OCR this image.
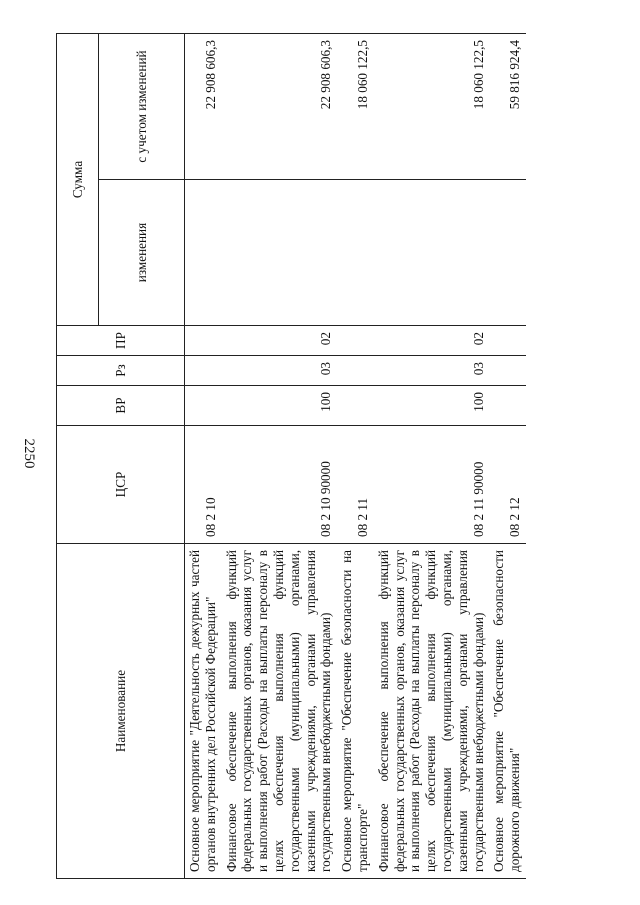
2250
Наименование	ЦСР	ВР	Рз	ПР	Сумма	
					изменения	с учетом изменений
Основное мероприятие "Деятельность дежурных частей органов внутренних дел Российской Федерации"	08 2 10					22 908 606,3
Финансовое обеспечение выполнения функций федеральных государственных органов, оказания услуг и выполнения работ (Расходы на выплаты персоналу в целях обеспечения выполнения функций государственными (муниципальными) органами, казенными учреждениями, органами управления государственными внебюджетными фондами)	08 2 10 90000	100	03	02		22 908 606,3
Основное мероприятие "Обеспечение безопасности на транспорте"	08 2 11					18 060 122,5
Финансовое обеспечение выполнения функций федеральных государственных органов, оказания услуг и выполнения работ (Расходы на выплаты персоналу в целях обеспечения выполнения функций государственными (муниципальными) органами, казенными учреждениями, органами управления государственными внебюджетными фондами)	08 2 11 90000	100	03	02		18 060 122,5
Основное мероприятие "Обеспечение безопасности дорожного движения"	08 2 12					59 816 924,4
